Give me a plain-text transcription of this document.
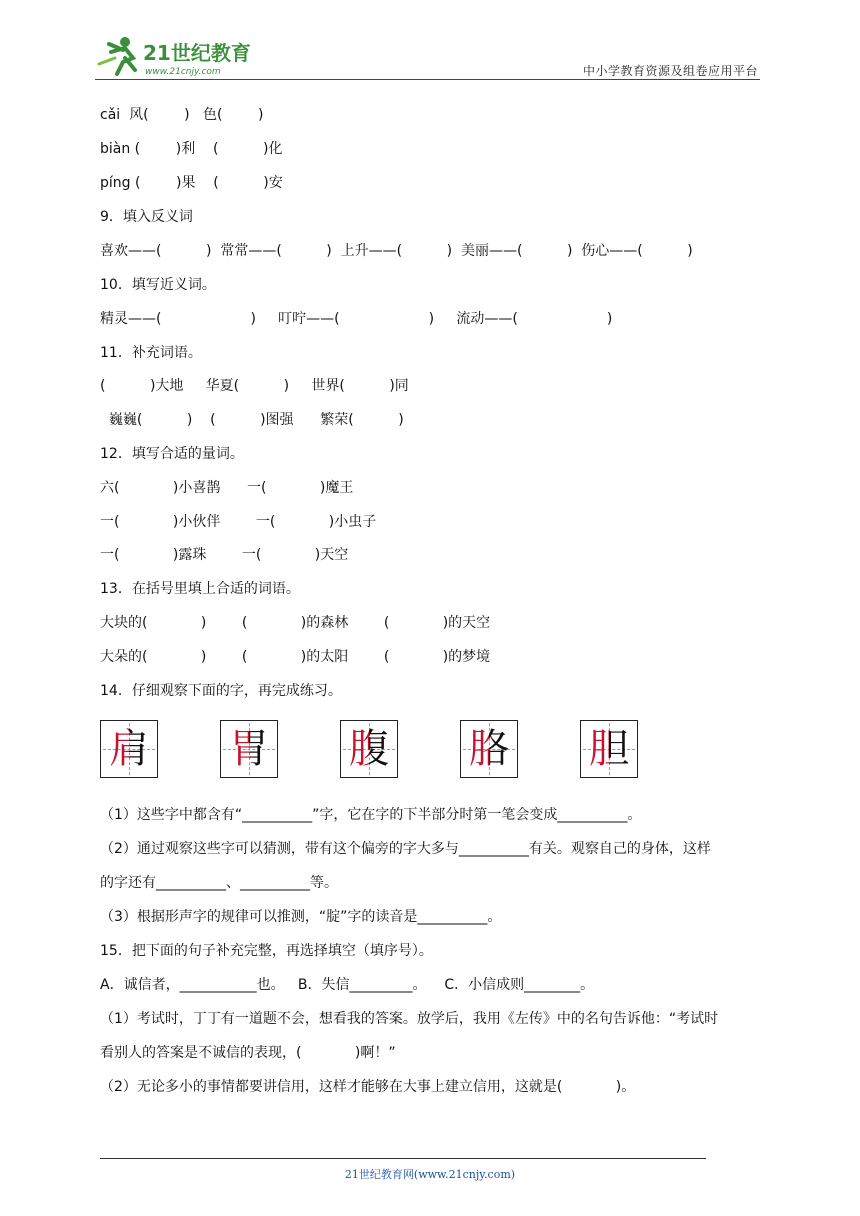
21世纪教育
www.21cnjy.com	中小学教育资源及组卷应用平台
cǎi  风(        )   色(        )
biàn (        )利    (          )化
píng (        )果    (          )安
9．填入反义词
喜欢——(          )  常常——(          )  上升——(          )  美丽——(          )  伤心——(          )
10．填写近义词。
精灵——(                    )     叮咛——(                    )     流动——(                    )
11．补充词语。
(          )大地     华夏(          )     世界(          )同
巍巍(          )    (          )图强      繁荣(          )
12．填写合适的量词。
六(            )小喜鹊      一(            )魔王
一(            )小伙伴        一(            )小虫子
一(            )露珠        一(            )天空
13．在括号里填上合适的词语。
大块的(            )        (            )的森林        (            )的天空
大朵的(            )        (            )的太阳        (            )的梦境
14．仔细观察下面的字，再完成练习。
（1）这些字中都含有“__________”字，它在字的下半部分时第一笔会变成__________。
（2）通过观察这些字可以猜测，带有这个偏旁的字大多与__________有关。观察自己的身体，这样
的字还有__________、__________等。
（3）根据形声字的规律可以推测，“腚”字的读音是__________。
15．把下面的句子补充完整，再选择填空（填序号）。
A．诚信者，___________也。   B．失信_________。    C．小信成则________。
（1）考试时，丁丁有一道题不会，想看我的答案。放学后，我用《左传》中的名句告诉他：“考试时
看别人的答案是不诚信的表现，(            )啊！”
（2）无论多小的事情都要讲信用，这样才能够在大事上建立信用，这就是(            )。
肩 胃 腹 胳 胆
21世纪教育网(www.21cnjy.com)
